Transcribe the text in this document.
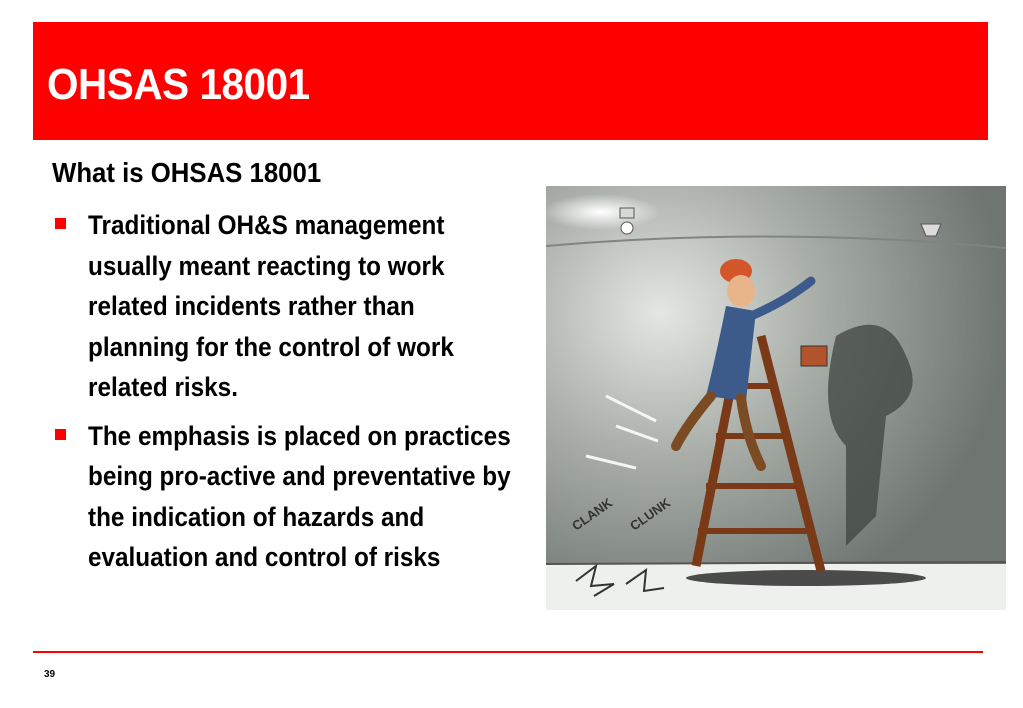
OHSAS 18001
What is OHSAS 18001
Traditional OH&S management usually meant reacting to work related incidents rather than planning for the control of work related risks.
The emphasis is placed on practices being pro-active and preventative by the indication of hazards and evaluation and control of risks
CLANK CLUNK
39
